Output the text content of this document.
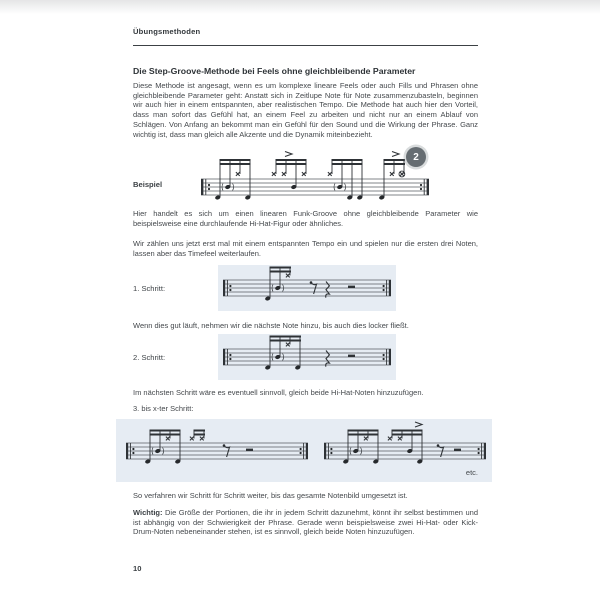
Übungsmethoden
Die Step-Groove-Methode bei Feels ohne gleichbleibende Parameter
Diese Methode ist angesagt, wenn es um komplexe lineare Feels oder auch Fills und Phrasen ohne gleichbleibende Parameter geht: Anstatt sich in Zeitlupe Note für Note zusammenzubasteln, beginnen wir auch hier in einem entspannten, aber realistischen Tempo. Die Methode hat auch hier den Vorteil, dass man sofort das Gefühl hat, an einem Feel zu arbeiten und nicht nur an einem Ablauf von Schlägen. Von Anfang an bekommt man ein Gefühl für den Sound und die Wirkung der Phrase. Ganz wichtig ist, dass man gleich alle Akzente und die Dynamik miteinbezieht.
Beispiel
2
Hier handelt es sich um einen linearen Funk-Groove ohne gleichbleibende Parameter wie beispielsweise eine durchlaufende Hi-Hat-Figur oder ähnliches.
Wir zählen uns jetzt erst mal mit einem entspannten Tempo ein und spielen nur die ersten drei Noten, lassen aber das Timefeel weiterlaufen.
1. Schritt:
Wenn dies gut läuft, nehmen wir die nächste Note hinzu, bis auch dies locker fließt.
2. Schritt:
Im nächsten Schritt wäre es eventuell sinnvoll, gleich beide Hi-Hat-Noten hinzuzufügen.
3. bis x-ter Schritt:
etc.
So verfahren wir Schritt für Schritt weiter, bis das gesamte Notenbild umgesetzt ist.
Wichtig: Die Größe der Portionen, die ihr in jedem Schritt dazunehmt, könnt ihr selbst bestimmen und ist abhängig von der Schwierigkeit der Phrase. Gerade wenn beispielsweise zwei Hi-Hat- oder Kick-Drum-Noten nebeneinander stehen, ist es sinnvoll, gleich beide Noten hinzuzufügen.
10
